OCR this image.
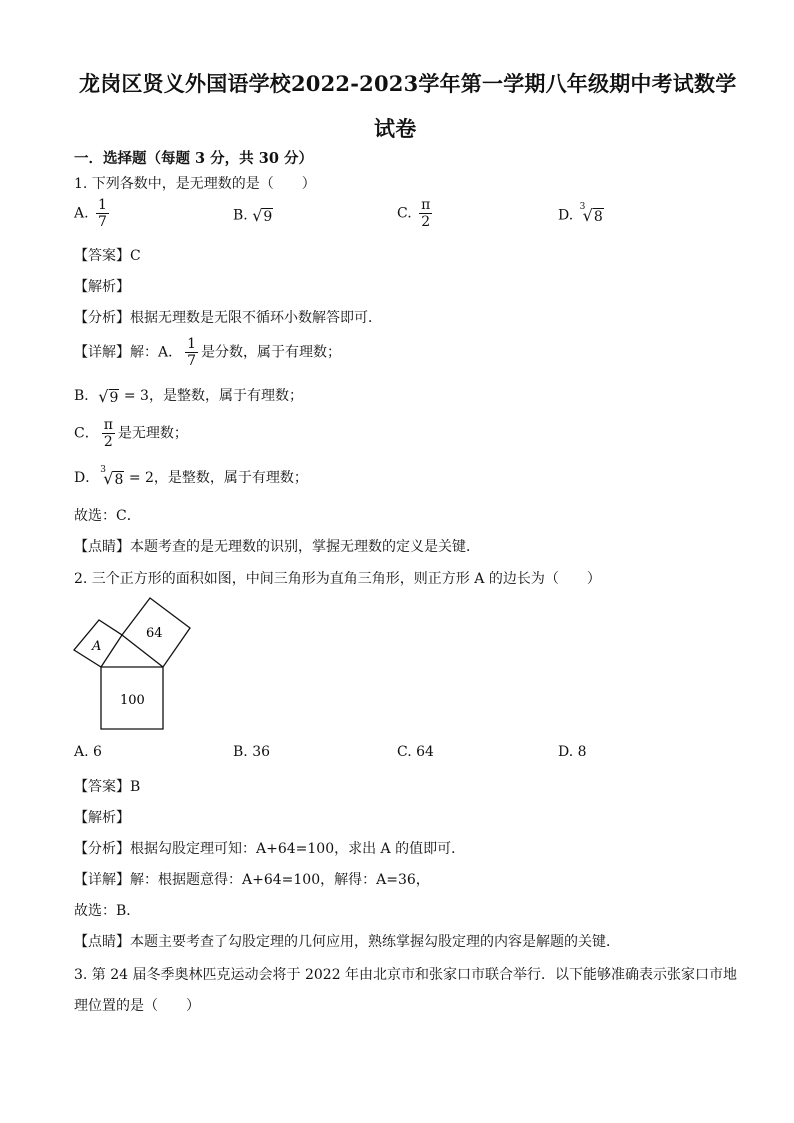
龙岗区贤义外国语学校2022-2023学年第一学期八年级期中考试数学
试卷
一．选择题（每题 3 分，共 30 分）
1. 下列各数中，是无理数的是（　　）
A. $\frac{1}{7}$	B. √9	C. $\frac{\pi}{2}$	D.
3
√8
【答案】C
【解析】
【分析】根据无理数是无限不循环小数解答即可．
【详解】解：A． $\frac{1}{7}$ 是分数，属于有理数；
B．√9 = 3，是整数，属于有理数；
C． $\frac{\pi}{2}$ 是无理数；
D．
3
√8 = 2，是整数，属于有理数；
故选：C．
【点睛】本题考查的是无理数的识别，掌握无理数的定义是关键．
2. 三个正方形的面积如图，中间三角形为直角三角形，则正方形 A 的边长为（　　）
A
64
100
A. 6	B. 36	C. 64	D. 8
【答案】B
【解析】
【分析】根据勾股定理可知：A+64=100，求出 A 的值即可．
【详解】解：根据题意得：A+64=100，解得：A=36，
故选：B．
【点睛】本题主要考查了勾股定理的几何应用，熟练掌握勾股定理的内容是解题的关键．
3. 第 24 届冬季奥林匹克运动会将于 2022 年由北京市和张家口市联合举行．以下能够准确表示张家口市地
理位置的是（　　）
